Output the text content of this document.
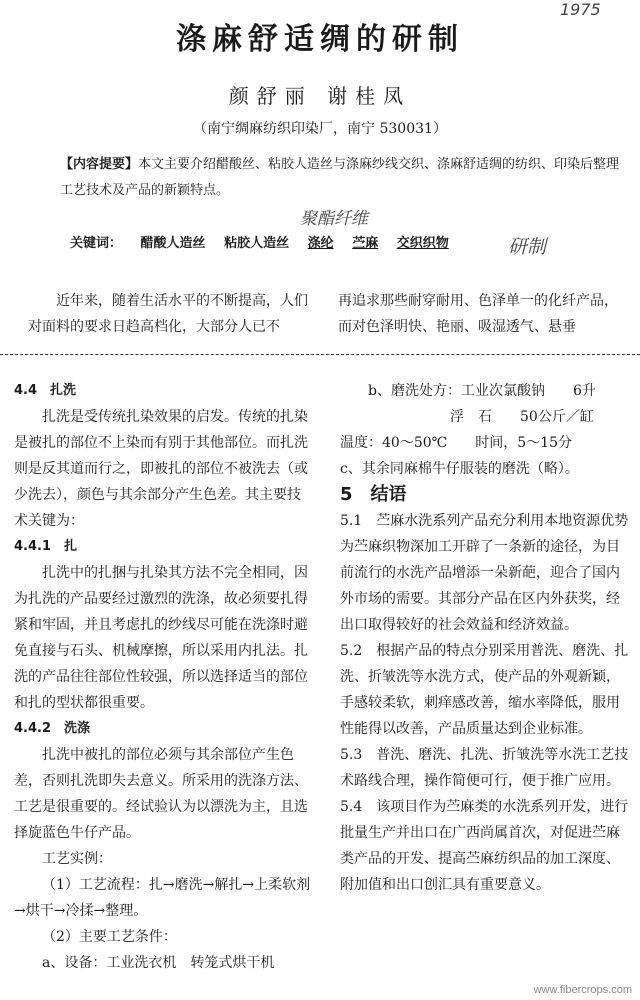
涤麻舒适绸的研制
1975
颜舒丽 谢桂凤
（南宁绸麻纺织印染厂，南宁 530031）
【内容提要】本文主要介绍醋酸丝、粘胶人造丝与涤麻纱线交织、涤麻舒适绸的纺织、印染后整理工艺技术及产品的新颖特点。
聚酯纤维
关键词： 醋酸人造丝 粘胶人造丝 涤纶 苎麻 交织织物	研制
近年来，随着生活水平的不断提高，人们对面料的要求日趋高档化，大部分人已不
再追求那些耐穿耐用、色泽单一的化纤产品，而对色泽明快、艳丽、吸湿透气、悬垂

4.4　扎洗

扎洗是受传统扎染效果的启发。传统的扎染是被扎的部位不上染而有别于其他部位。而扎洗则是反其道而行之，即被扎的部位不被洗去（或少洗去），颜色与其余部分产生色差。其主要技术关键为：

4.4.1　扎

扎洗中的扎捆与扎染其方法不完全相同，因为扎洗的产品要经过激烈的洗涤，故必须要扎得紧和牢固，并且考虑扎的纱线尽可能在洗涤时避免直接与石头、机械摩擦，所以采用内扎法。扎洗的产品往往部位性较强，所以选择适当的部位和扎的型状都很重要。

4.4.2　洗涤

扎洗中被扎的部位必须与其余部位产生色差，否则扎洗即失去意义。所采用的洗涤方法、工艺是很重要的。经试验认为以漂洗为主，且选择旋蓝色牛仔产品。

工艺实例：

（1）工艺流程：扎→磨洗→解扎→上柔软剂→烘干→冷揉→整理。

（2）主要工艺条件：

a、设备：工业洗衣机　转笼式烘干机

b、磨洗处方：工业次氯酸钠　　6升

浮　石　　50公斤／缸

温度：40～50℃　　时间，5～15分

c、其余同麻棉牛仔服装的磨洗（略）。

5　结语

5.1　苎麻水洗系列产品充分利用本地资源优势为苎麻织物深加工开辟了一条新的途径，为目前流行的水洗产品增添一朵新葩，迎合了国内外市场的需要。其部分产品在区内外获奖，经出口取得较好的社会效益和经济效益。

5.2　根据产品的特点分别采用普洗、磨洗、扎洗、折皱洗等水洗方式，使产品的外观新颖，手感较柔软，刺痒感改善，缩水率降低，服用性能得以改善，产品质量达到企业标准。

5.3　普洗、磨洗、扎洗、折皱洗等水洗工艺技术路线合理，操作简便可行，便于推广应用。

5.4　该项目作为苎麻类的水洗系列开发，进行批量生产并出口在广西尚属首次，对促进苎麻类产品的开发、提高苎麻纺织品的加工深度、附加值和出口创汇具有重要意义。

www.fibercrops.com
